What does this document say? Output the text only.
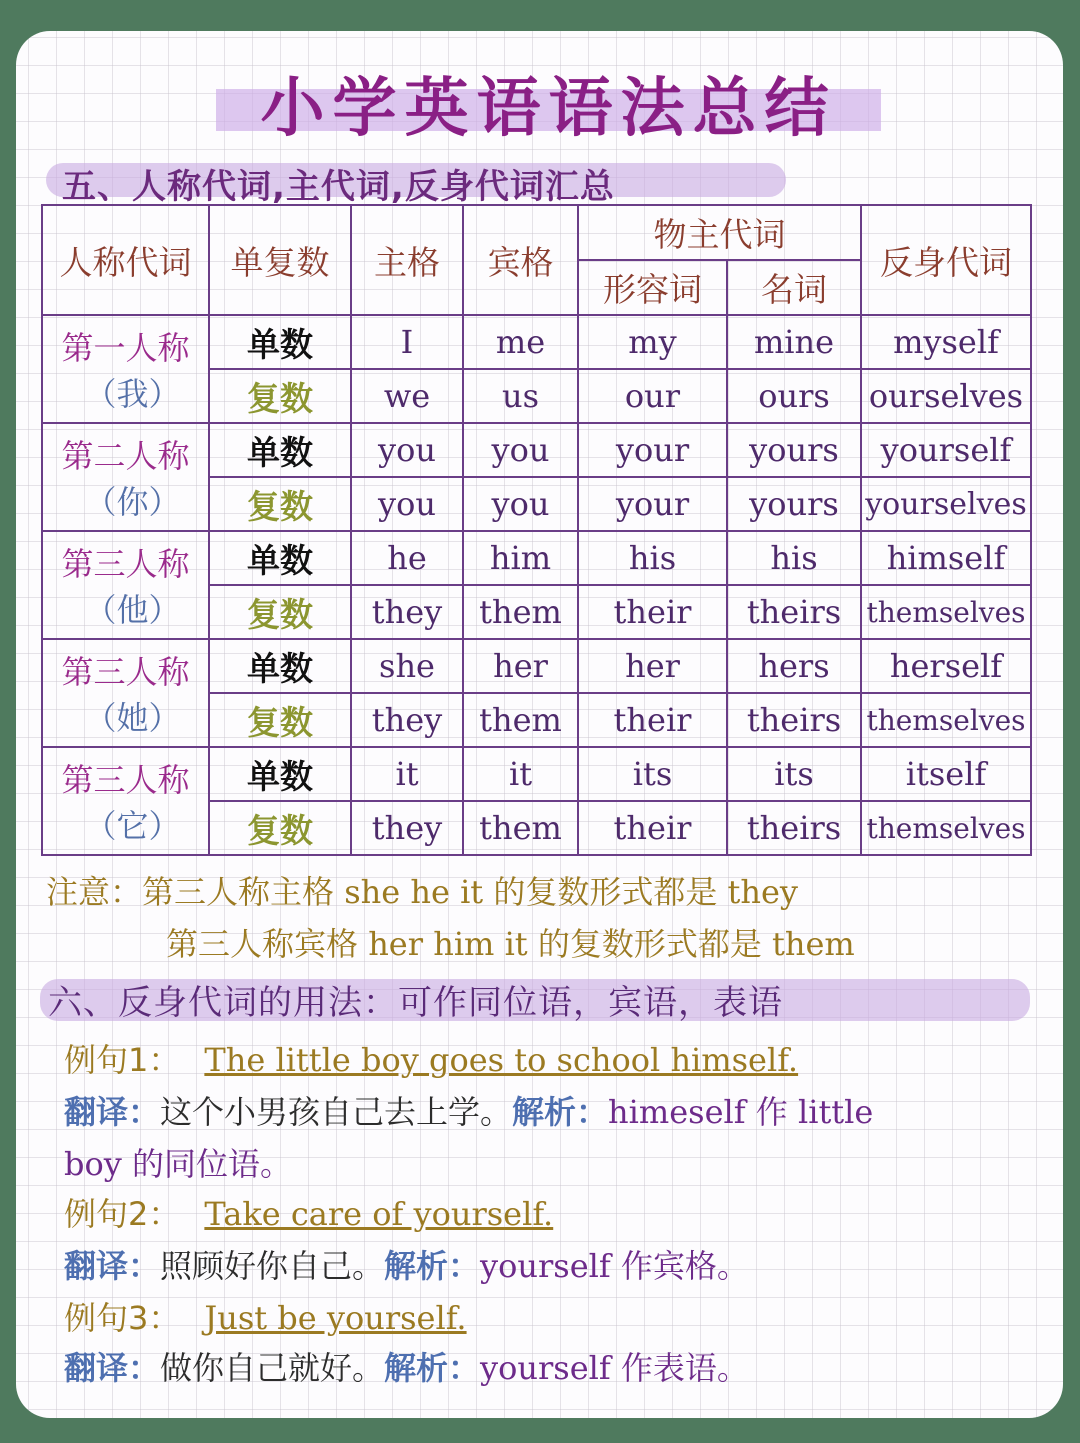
小学英语语法总结
五、人称代词,主代词,反身代词汇总
人称代词	单复数	主格	宾格	物主代词		反身代词
				形容词	名词	
第一人称
（我）	单数	I	me	my	mine	myself
	复数	we	us	our	ours	ourselves
第二人称
（你）	单数	you	you	your	yours	yourself
	复数	you	you	your	yours	yourselves
第三人称
（他）	单数	he	him	his	his	himself
	复数	they	them	their	theirs	themselves
第三人称
（她）	单数	she	her	her	hers	herself
	复数	they	them	their	theirs	themselves
第三人称
（它）	单数	it	it	its	its	itself
	复数	they	them	their	theirs	themselves
注意：第三人称主格 she he it 的复数形式都是 they
第三人称宾格 her him it 的复数形式都是 them
六、反身代词的用法：可作同位语，宾语，表语
例句1： The little boy goes to school himself.
翻译：这个小男孩自己去上学。解析：himeself 作 little
boy 的同位语。
例句2： Take care of yourself.
翻译：照顾好你自己。解析：yourself 作宾格。
例句3： Just be yourself.
翻译：做你自己就好。解析：yourself 作表语。
